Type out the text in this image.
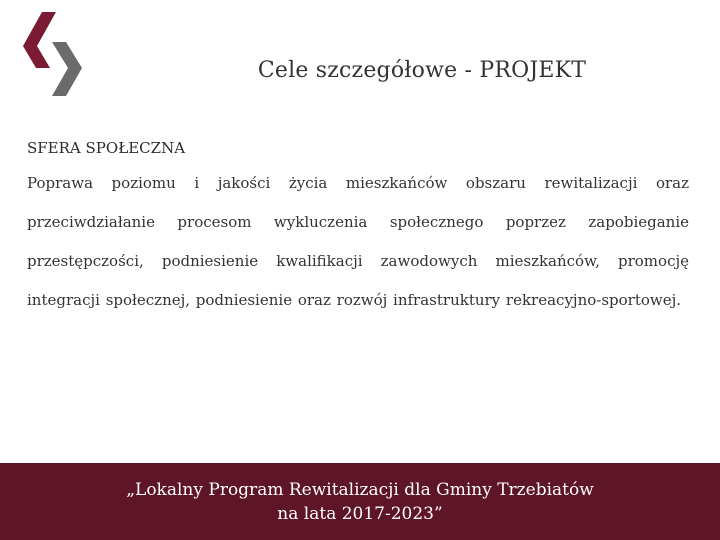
Cele szczegółowe - PROJEKT
SFERA SPOŁECZNA
Poprawa poziomu i jakości życia mieszkańców obszaru rewitalizacji oraz przeciwdziałanie procesom wykluczenia społecznego poprzez zapobieganie przestępczości, podniesienie kwalifikacji zawodowych mieszkańców, promocję integracji społecznej, podniesienie oraz rozwój infrastruktury rekreacyjno-sportowej.
„Lokalny Program Rewitalizacji dla Gminy Trzebiatów
na lata 2017-2023”
